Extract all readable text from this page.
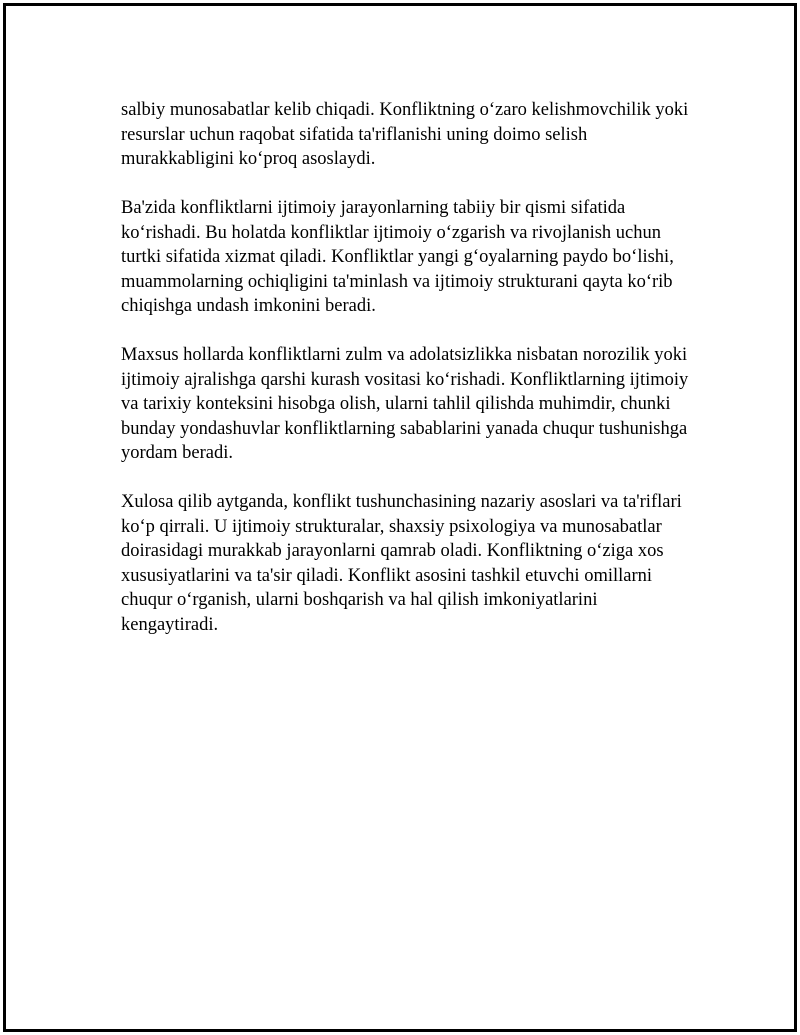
salbiy munosabatlar kelib chiqadi. Konfliktning o‘zaro kelishmovchilik yoki
resurslar uchun raqobat sifatida ta'riflanishi uning doimo selish
murakkabligini ko‘proq asoslaydi.

Ba'zida konfliktlarni ijtimoiy jarayonlarning tabiiy bir qismi sifatida
ko‘rishadi. Bu holatda konfliktlar ijtimoiy o‘zgarish va rivojlanish uchun
turtki sifatida xizmat qiladi. Konfliktlar yangi g‘oyalarning paydo bo‘lishi,
muammolarning ochiqligini ta'minlash va ijtimoiy strukturani qayta ko‘rib
chiqishga undash imkonini beradi.

Maxsus hollarda konfliktlarni zulm va adolatsizlikka nisbatan norozilik yoki
ijtimoiy ajralishga qarshi kurash vositasi ko‘rishadi. Konfliktlarning ijtimoiy
va tarixiy konteksini hisobga olish, ularni tahlil qilishda muhimdir, chunki
bunday yondashuvlar konfliktlarning sabablarini yanada chuqur tushunishga
yordam beradi.

Xulosa qilib aytganda, konflikt tushunchasining nazariy asoslari va ta'riflari
ko‘p qirrali. U ijtimoiy strukturalar, shaxsiy psixologiya va munosabatlar
doirasidagi murakkab jarayonlarni qamrab oladi. Konfliktning o‘ziga xos
xususiyatlarini va ta'sir qiladi. Konflikt asosini tashkil etuvchi omillarni
chuqur o‘rganish, ularni boshqarish va hal qilish imkoniyatlarini
kengaytiradi.
